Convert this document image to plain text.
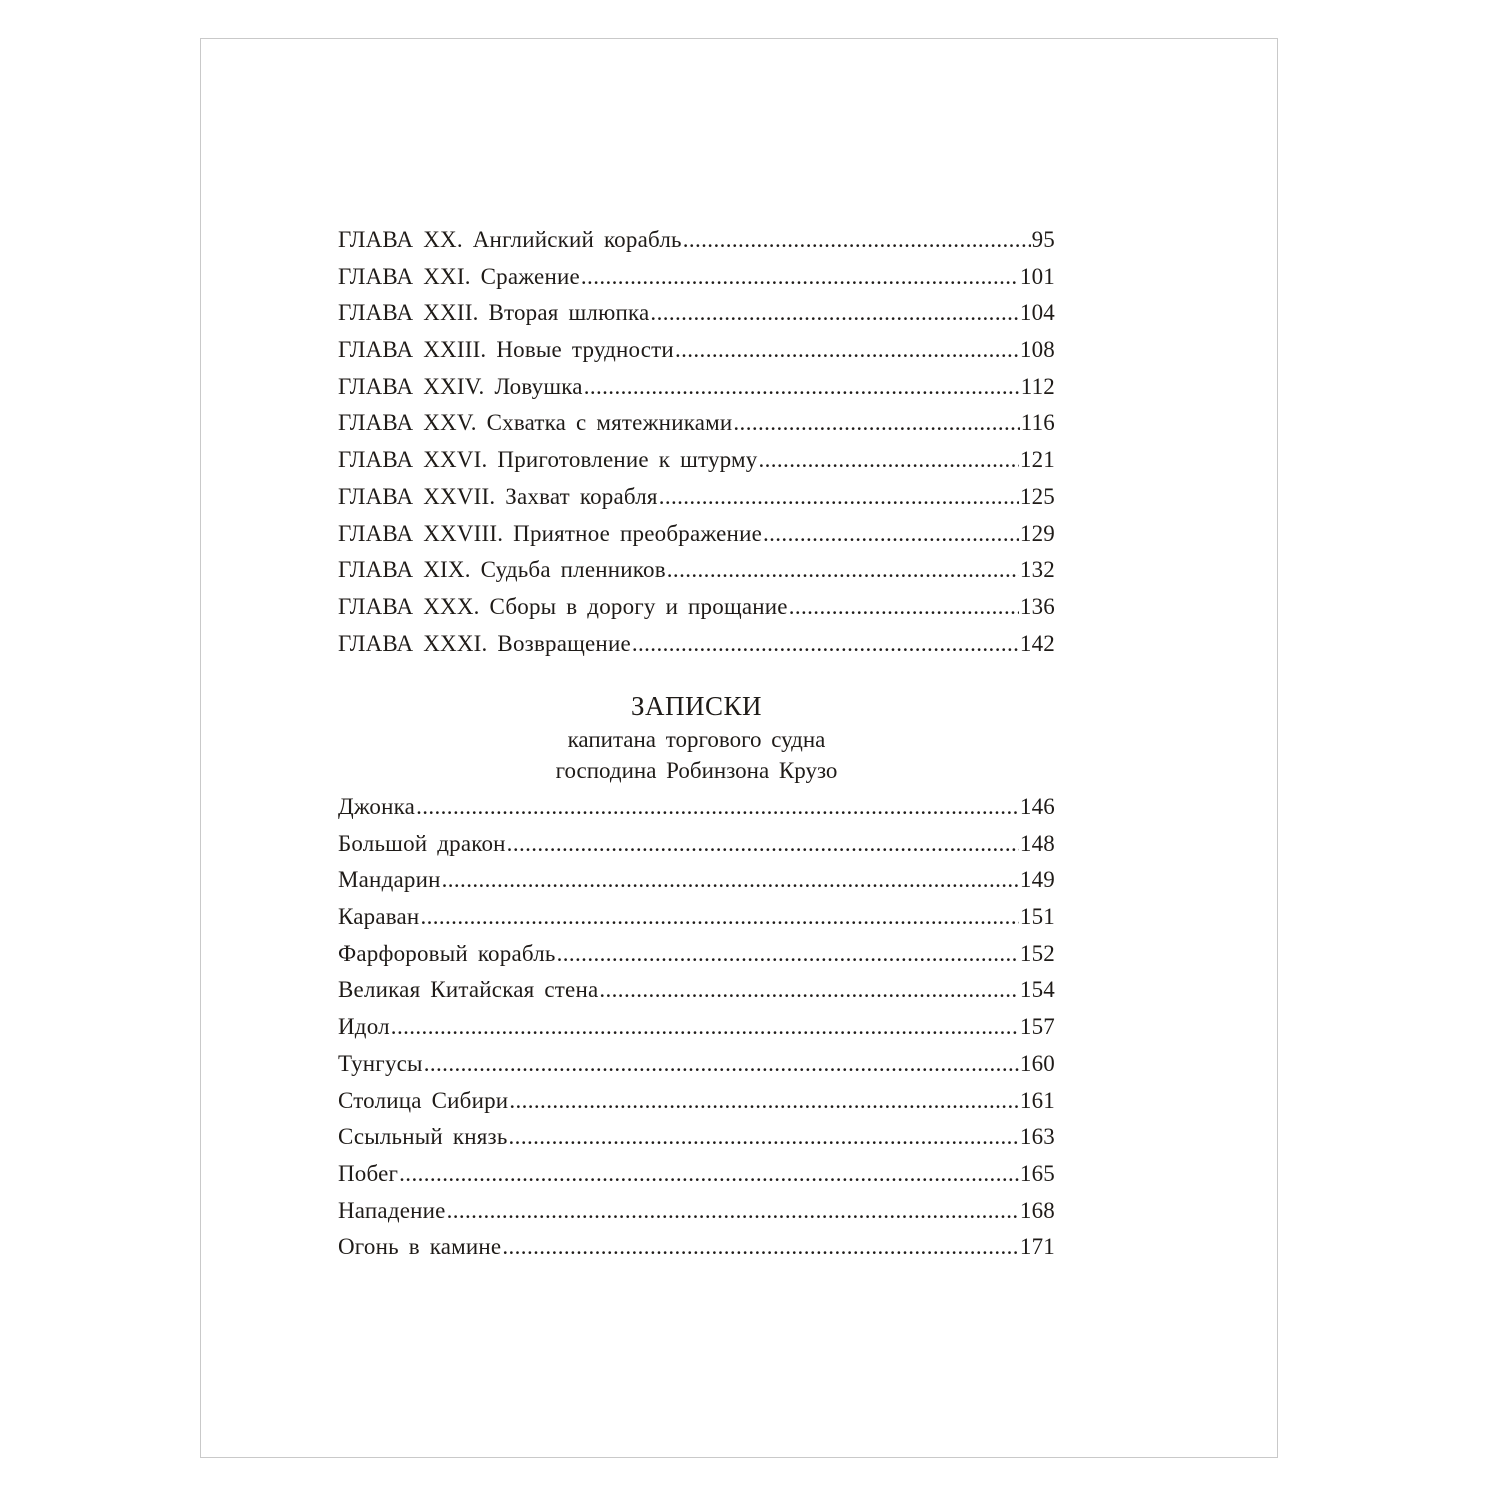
ГЛАВА XX. Английский корабль .....	95
ГЛАВА XXI. Сражение .....	101
ГЛАВА XXII. Вторая шлюпка .....	104
ГЛАВА XXIII. Новые трудности .....	108
ГЛАВА XXIV. Ловушка .....	112
ГЛАВА XXV. Схватка с мятежниками .....	116
ГЛАВА XXVI. Приготовление к штурму .....	121
ГЛАВА XXVII. Захват корабля .....	125
ГЛАВА XXVIII. Приятное преображение .....	129
ГЛАВА XIX. Судьба пленников .....	132
ГЛАВА XXX. Сборы в дорогу и прощание .....	136
ГЛАВА XXXI. Возвращение .....	142
ЗАПИСКИ
капитана торгового судна
господина Робинзона Крузо
Джонка .....	146
Большой дракон .....	148
Мандарин .....	149
Караван .....	151
Фарфоровый корабль .....	152
Великая Китайская стена .....	154
Идол .....	157
Тунгусы .....	160
Столица Сибири .....	161
Ссыльный князь .....	163
Побег .....	165
Нападение .....	168
Огонь в камине .....	171
